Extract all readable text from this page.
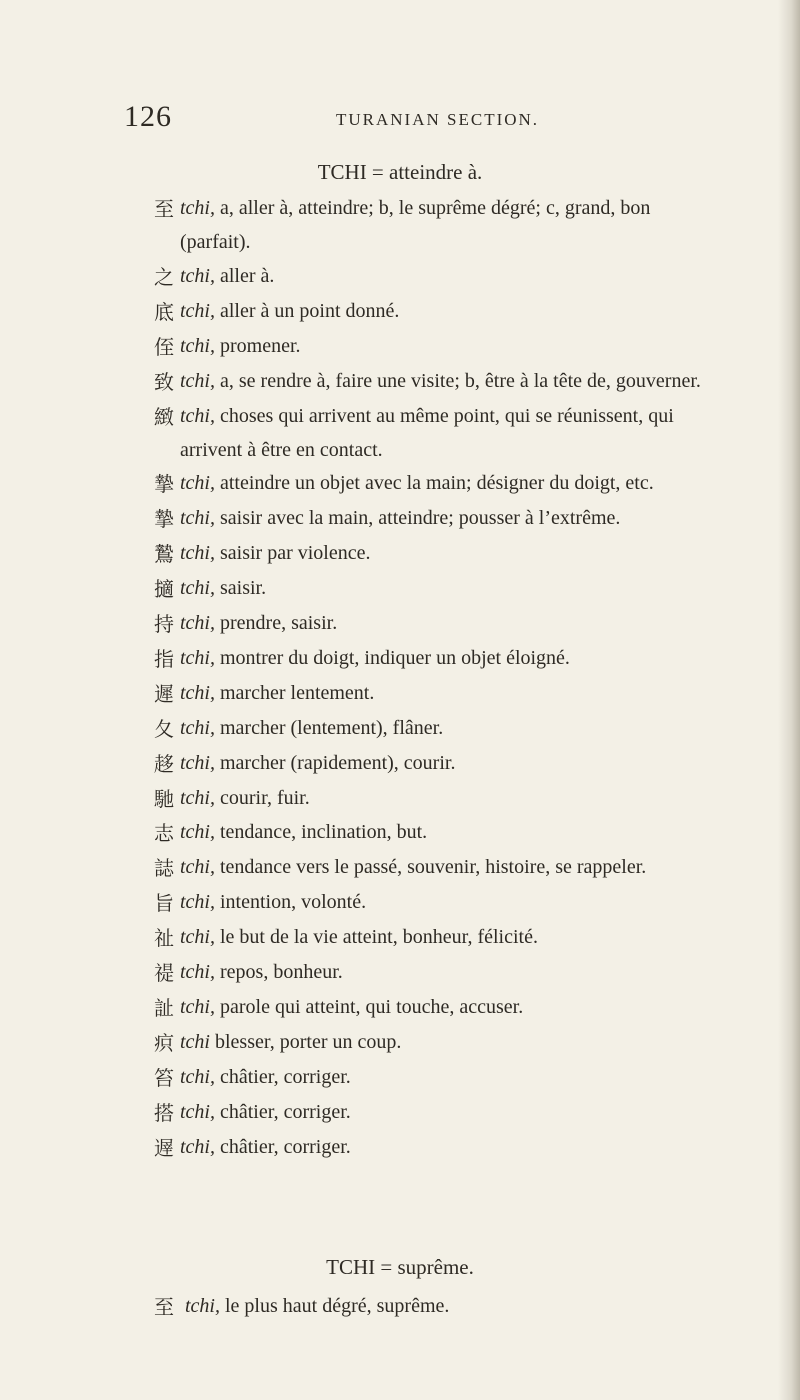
126	TURANIAN SECTION.
TCHI = atteindre à.
至 tchi, a, aller à, atteindre; b, le suprême dégré; c, grand, bon
(parfait).
之 tchi, aller à.
底 tchi, aller à un point donné.
侄 tchi, promener.
致 tchi, a, se rendre à, faire une visite; b, être à la tête de, gouverner.
緻 tchi, choses qui arrivent au même point, qui se réunissent, qui
arrivent à être en contact.
摯 tchi, atteindre un objet avec la main; désigner du doigt, etc.
摯 tchi, saisir avec la main, atteindre; pousser à l’extrême.
鷙 tchi, saisir par violence.
擿 tchi, saisir.
持 tchi, prendre, saisir.
指 tchi, montrer du doigt, indiquer un objet éloigné.
遲 tchi, marcher lentement.
夂 tchi, marcher (lentement), flâner.
趍 tchi, marcher (rapidement), courir.
馳 tchi, courir, fuir.
志 tchi, tendance, inclination, but.
誌 tchi, tendance vers le passé, souvenir, histoire, se rappeler.
旨 tchi, intention, volonté.
祉 tchi, le but de la vie atteint, bonheur, félicité.
禔 tchi, repos, bonheur.
訨 tchi, parole qui atteint, qui touche, accuser.
疻 tchi blesser, porter un coup.
笞 tchi, châtier, corriger.
搭 tchi, châtier, corriger.
遟 tchi, châtier, corriger.
TCHI = suprême.
至 tchi, le plus haut dégré, suprême.
